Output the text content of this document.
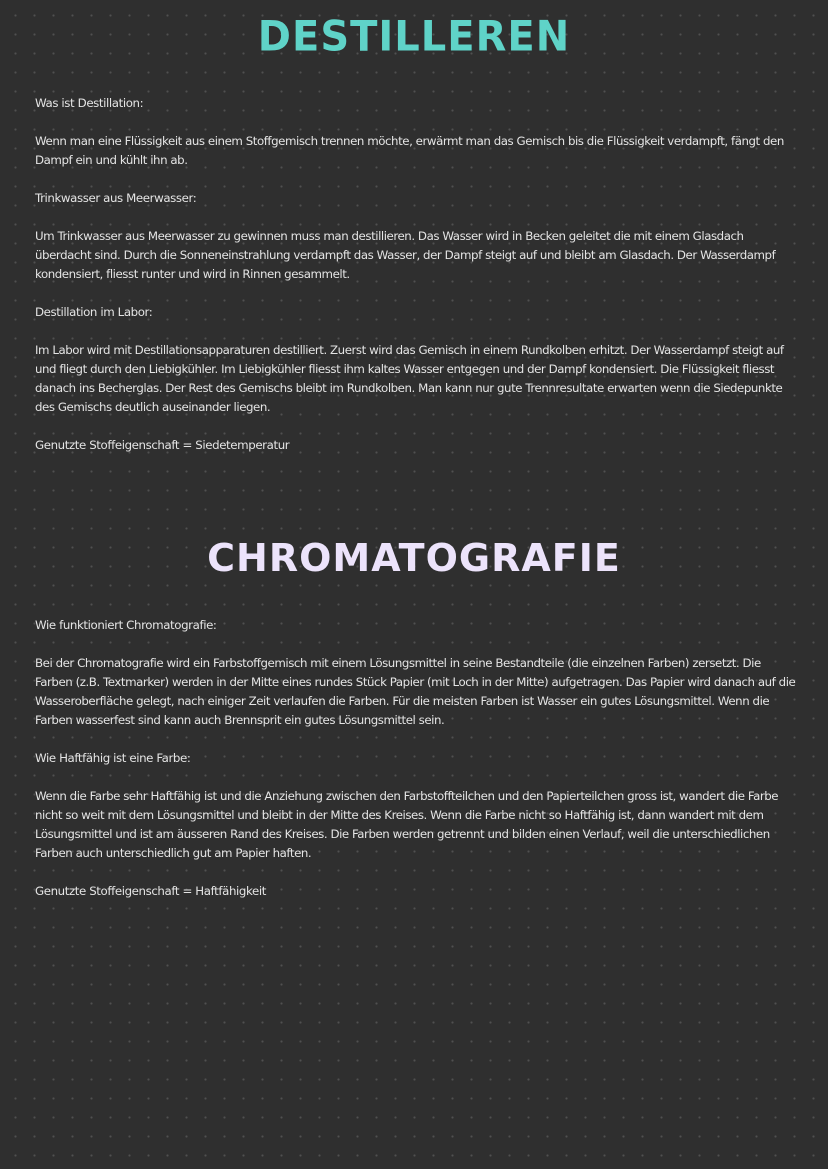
DESTILLEREN

Was ist Destillation:

Wenn man eine Flüssigkeit aus einem Stoffgemisch trennen möchte, erwärmt man das Gemisch bis die Flüssigkeit verdampft, fängt den Dampf ein und kühlt ihn ab.

Trinkwasser aus Meerwasser:

Um Trinkwasser aus Meerwasser zu gewinnen muss man destillieren. Das Wasser wird in Becken geleitet die mit einem Glasdach überdacht sind. Durch die Sonneneinstrahlung verdampft das Wasser, der Dampf steigt auf und bleibt am Glasdach. Der Wasserdampf kondensiert, fliesst runter und wird in Rinnen gesammelt.

Destillation im Labor:

Im Labor wird mit Destillationsapparaturen destilliert. Zuerst wird das Gemisch in einem Rundkolben erhitzt. Der Wasserdampf steigt auf und fliegt durch den Liebigkühler. Im Liebigkühler fliesst ihm kaltes Wasser entgegen und der Dampf kondensiert. Die Flüssigkeit fliesst danach ins Becherglas. Der Rest des Gemischs bleibt im Rundkolben. Man kann nur gute Trennresultate erwarten wenn die Siedepunkte des Gemischs deutlich auseinander liegen.

Genutzte Stoffeigenschaft = Siedetemperatur

CHROMATOGRAFIE

Wie funktioniert Chromatografie:

Bei der Chromatografie wird ein Farbstoffgemisch mit einem Lösungsmittel in seine Bestandteile (die einzelnen Farben) zersetzt. Die Farben (z.B. Textmarker) werden in der Mitte eines rundes Stück Papier (mit Loch in der Mitte) aufgetragen. Das Papier wird danach auf die Wasseroberfläche gelegt, nach einiger Zeit verlaufen die Farben. Für die meisten Farben ist Wasser ein gutes Lösungsmittel. Wenn die Farben wasserfest sind kann auch Brennsprit ein gutes Lösungsmittel sein.

Wie Haftfähig ist eine Farbe:

Wenn die Farbe sehr Haftfähig ist und die Anziehung zwischen den Farbstoffteilchen und den Papierteilchen gross ist, wandert die Farbe nicht so weit mit dem Lösungsmittel und bleibt in der Mitte des Kreises. Wenn die Farbe nicht so Haftfähig ist, dann wandert mit dem Lösungsmittel und ist am äusseren Rand des Kreises. Die Farben werden getrennt und bilden einen Verlauf, weil die unterschiedlichen Farben auch unterschiedlich gut am Papier haften.

Genutzte Stoffeigenschaft = Haftfähigkeit
